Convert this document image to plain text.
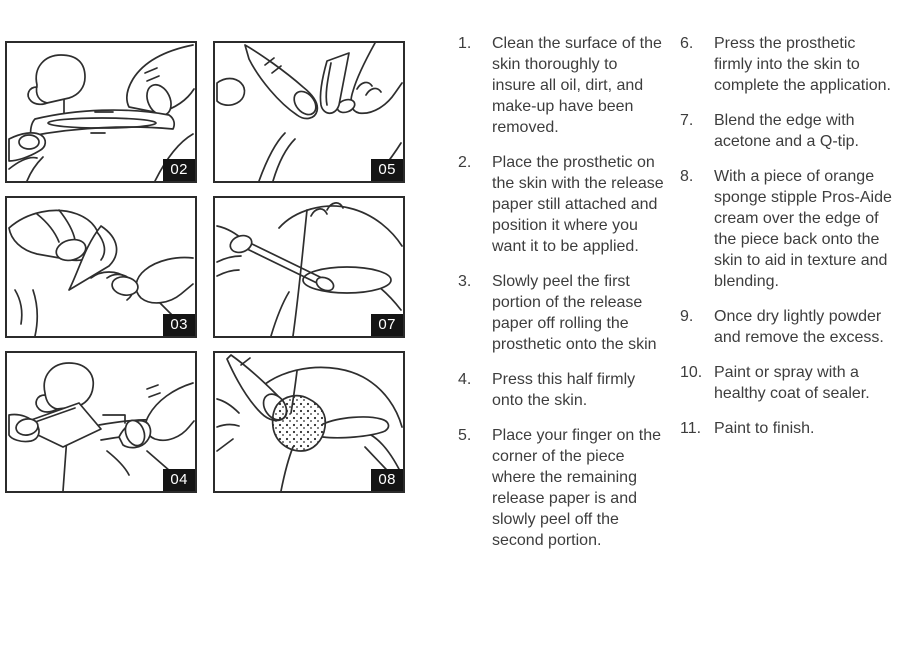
02	05
03	07
04	08
1.	Clean the surface of the skin thoroughly to insure all oil, dirt, and make-up have been removed.
2.	Place the prosthetic on the skin with the release paper still attached and position it where you want it to be applied.
3.	Slowly peel the first portion of the release paper off rolling the prosthetic onto the skin
4.	Press this half firmly onto the skin.
5.	Place your finger on the corner of the piece where the remaining release paper is and slowly peel off the second portion.
6.	Press the prosthetic firmly into the skin to complete the application.
7.	Blend the edge with acetone and a Q-tip.
8.	With a piece of orange sponge stipple Pros-Aide cream over the edge of the piece back onto the skin to aid in texture and blending.
9.	Once dry lightly powder and remove the excess.
10. Paint or spray with a healthy coat of sealer.
11. Paint to finish.
